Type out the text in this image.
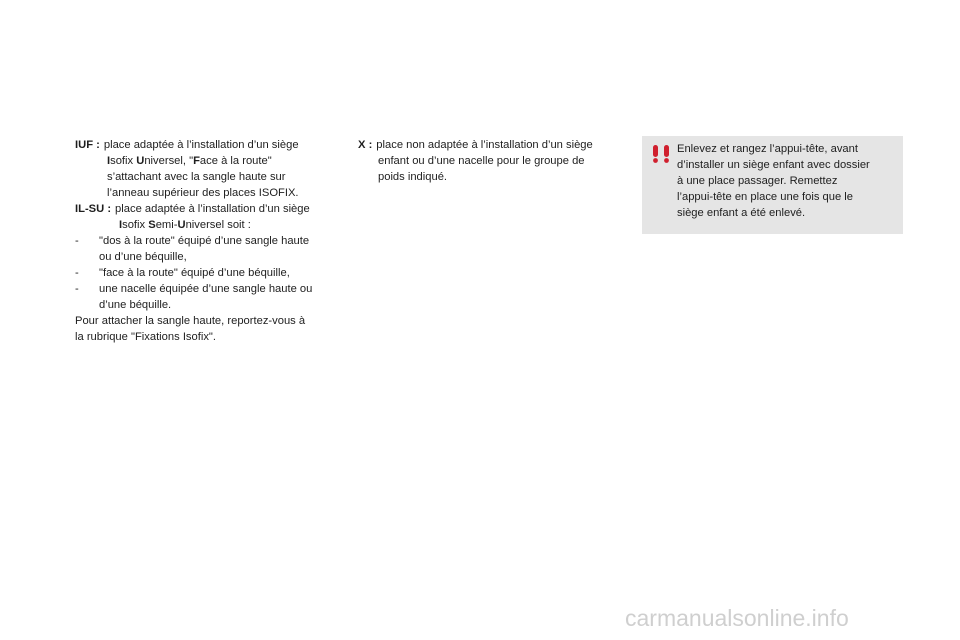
IUF : place adaptée à l’installation d’un siège

Isofix Universel, "Face à la route"

s’attachant avec la sangle haute sur

l’anneau supérieur des places ISOFIX.

IL-SU : place adaptée à l’installation d’un siège

Isofix Semi-Universel soit :

-	"dos à la route" équipé d’une sangle haute
ou d’une béquille,
-	"face à la route" équipé d’une béquille,
-	une nacelle équipée d’une sangle haute ou
d’une béquille.

Pour attacher la sangle haute, reportez-vous à

la rubrique "Fixations Isofix".

X : place non adaptée à l’installation d’un siège

enfant ou d’une nacelle pour le groupe de

poids indiqué.

Enlevez et rangez l’appui-tête, avant
d’installer un siège enfant avec dossier
à une place passager. Remettez
l’appui-tête en place une fois que le
siège enfant a été enlevé.
carmanualsonline.info
